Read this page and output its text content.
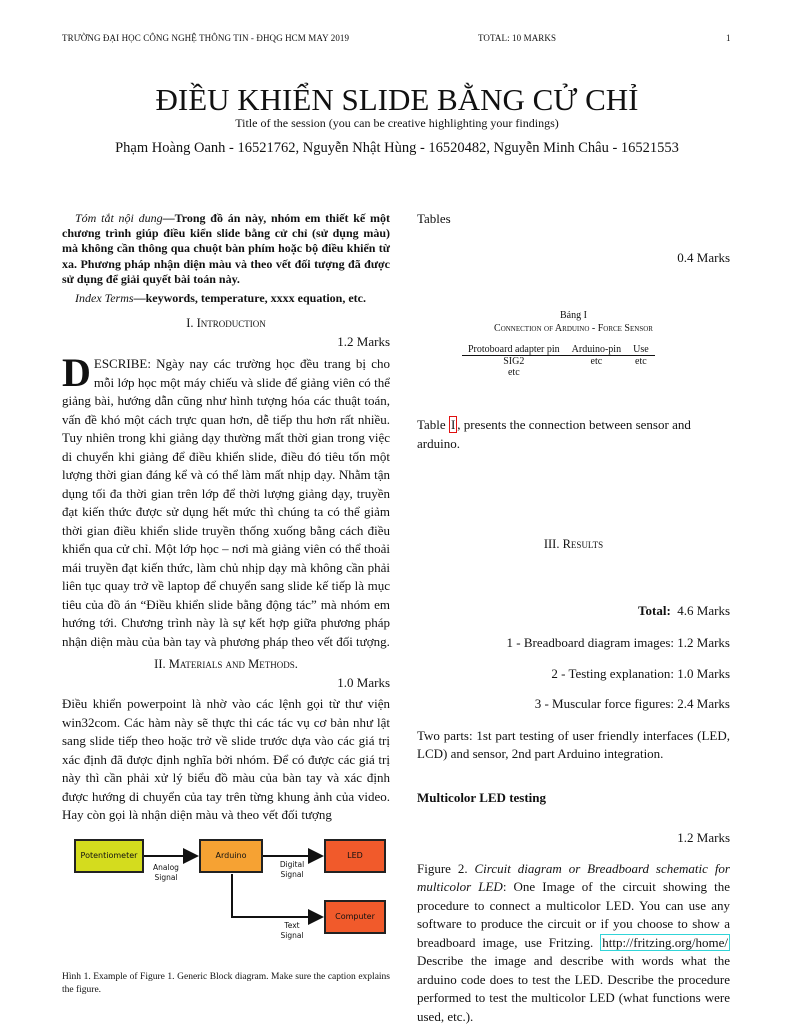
TRƯỜNG ĐẠI HỌC CÔNG NGHỆ THÔNG TIN - ĐHQG HCM MAY 2019	TOTAL: 10 MARKS	1
ĐIỀU KHIỂN SLIDE BẰNG CỬ CHỈ
Title of the session (you can be creative highlighting your findings)
Phạm Hoàng Oanh - 16521762, Nguyễn Nhật Hùng - 16520482, Nguyễn Minh Châu - 16521553
Tóm tắt nội dung—Trong đồ án này, nhóm em thiết kế một chương trình giúp điều kiển slide bằng cử chỉ (sử dụng màu) mà không cần thông qua chuột bàn phím hoặc bộ điều khiển từ xa. Phương pháp nhận diện màu và theo vết đối tượng đã được sử dụng để giải quyết bài toán này.
Index Terms—keywords, temperature, xxxx equation, etc.
I. Introduction
1.2 Marks
DESCRIBE: Ngày nay các trường học đều trang bị cho mỗi lớp học một máy chiếu và slide để giảng viên có thể giảng bài, hướng dẫn cũng như hình tượng hóa các thuật toán, vấn đề khó một cách trực quan hơn, dễ tiếp thu hơn rất nhiều. Tuy nhiên trong khi giảng dạy thường mất thời gian trong việc di chuyển khi giảng để điều khiển slide, điều đó tiêu tốn một lượng thời gian đáng kể và có thể làm mất nhịp dạy. Nhằm tận dụng tối đa thời gian trên lớp để thời lượng giảng dạy, truyền đạt kiến thức được sử dụng hết mức thì chúng ta có thể giảm thời gian điều khiển slide truyền thống xuống bằng cách điều khiển qua cử chỉ. Một lớp học – nơi mà giảng viên có thể thoải mái truyền đạt kiến thức, làm chủ nhịp dạy mà không cần phải liên tục quay trở về laptop để chuyển sang slide kế tiếp là mục tiêu của đồ án “Điều khiển slide bằng động tác” mà nhóm em hướng tới. Chương trình này là sự kết hợp giữa phương pháp nhận diện màu của bàn tay và phương pháp theo vết đối tượng.
II. Materials and Methods.
1.0 Marks
Điều khiển powerpoint là nhờ vào các lệnh gọi từ thư viện win32com. Các hàm này sẽ thực thi các tác vụ cơ bản như lật sang slide tiếp theo hoặc trở về slide trước dựa vào các giá trị xác định đã được định nghĩa bởi nhóm. Để có được các giá trị này thì cần phải xử lý biểu đồ màu của bàn tay và xác định được hướng di chuyển của tay trên từng khung ảnh của video. Hay còn gọi là nhận diện màu và theo vết đối tượng
Potentiometer	Arduino	LED
Computer
Analog
Signal
Digital
Signal
Text
Signal
Hình 1. Example of Figure 1. Generic Block diagram. Make sure the caption explains the figure.
Tables
0.4 Marks
Bảng I
Connection of Arduino - Force Sensor
Protoboard adapter pin	Arduino-pin	Use
SIG2	etc	etc
etc		
Table I , presents the connection between sensor and arduino.
III. Results
Total: 4.6 Marks
1 - Breadboard diagram images: 1.2 Marks
2 - Testing explanation: 1.0 Marks
3 - Muscular force figures: 2.4 Marks
Two parts: 1st part testing of user friendly interfaces (LED, LCD) and sensor, 2nd part Arduino integration.
Multicolor LED testing
1.2 Marks
Figure 2. Circuit diagram or Breadboard schematic for multicolor LED: One Image of the circuit showing the procedure to connect a multicolor LED. You can use any software to produce the circuit or if you choose to show a breadboard image, use Fritzing. http://fritzing.org/home/ Describe the image and describe with words what the arduino code does to test the LED. Describe the procedure performed to test the multicolor LED (what functions were used, etc.).
